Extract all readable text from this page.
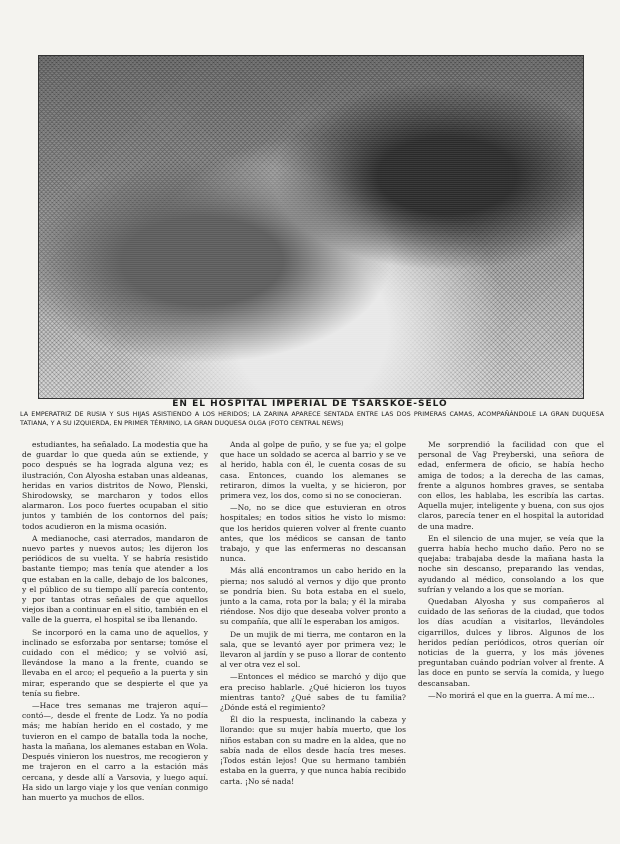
EN EL HOSPITAL IMPERIAL DE TSARSKOE-SELO
LA EMPERATRIZ DE RUSIA Y SUS HIJAS ASISTIENDO A LOS HERIDOS; LA ZARINA APARECE SENTADA ENTRE LAS DOS PRIMERAS CAMAS, ACOMPAÑÁNDOLE LA GRAN DUQUESA TATIANA, Y A SU IZQUIERDA, EN PRIMER TÉRMINO, LA GRAN DUQUESA OLGA (FOTO CENTRAL NEWS)

estudiantes, ha señalado. La modestia que ha de guardar lo que queda aún se extiende, y poco después se ha lograda alguna vez; es ilustración, Con Alyosha estaban unas aldeanas, heridas en varios distritos de Nowo, Plenski, Shirodowsky, se marcharon y todos ellos alarmaron. Los poco fuertes ocupaban el sitio juntos y también de los contornos del país; todos acudieron en la misma ocasión.

A medianoche, casi aterrados, mandaron de nuevo partes y nuevos autos; les dijeron los periódicos de su vuelta. Y se habría resistido bastante tiempo; mas tenía que atender a los que estaban en la calle, debajo de los balcones, y el público de su tiempo allí parecía contento, y por tantas otras señales de que aquellos viejos iban a continuar en el sitio, también en el valle de la guerra, el hospital se iba llenando.

Se incorporó en la cama uno de aquellos, y inclinado se esforzaba por sentarse; tomóse el cuidado con el médico; y se volvió así, llevándose la mano a la frente, cuando se llevaba en el arco; el pequeño a la puerta y sin mirar, esperando que se despierte el que ya tenía su fiebre.

—Hace tres semanas me trajeron aquí—contó—, desde el frente de Lodz. Ya no podía más; me habían herido en el costado, y me tuvieron en el campo de batalla toda la noche, hasta la mañana, los alemanes estaban en Wola. Después vinieron los nuestros, me recogieron y me trajeron en el carro a la estación más cercana, y desde allí a Varsovia, y luego aquí. Ha sido un largo viaje y los que venían conmigo han muerto ya muchos de ellos.

Anda al golpe de puño, y se fue ya; el golpe que hace un soldado se acerca al barrio y se ve al herido, habla con él, le cuenta cosas de su casa. Entonces, cuando los alemanes se retiraron, dimos la vuelta, y se hicieron, por primera vez, los dos, como si no se conocieran.

—No, no se dice que estuvieran en otros hospitales; en todos sitios he visto lo mismo: que los heridos quieren volver al frente cuanto antes, que los médicos se cansan de tanto trabajo, y que las enfermeras no descansan nunca.

Más allá encontramos un cabo herido en la pierna; nos saludó al vernos y dijo que pronto se pondría bien. Su bota estaba en el suelo, junto a la cama, rota por la bala; y él la miraba riéndose. Nos dijo que deseaba volver pronto a su compañía, que allí le esperaban los amigos.

De un mujik de mi tierra, me contaron en la sala, que se levantó ayer por primera vez; le llevaron al jardín y se puso a llorar de contento al ver otra vez el sol.

—Entonces el médico se marchó y dijo que era preciso hablarle. ¿Qué hicieron los tuyos mientras tanto? ¿Qué sabes de tu familia? ¿Dónde está el regimiento?

Él dio la respuesta, inclinando la cabeza y llorando: que su mujer había muerto, que los niños estaban con su madre en la aldea, que no sabía nada de ellos desde hacía tres meses. ¡Todos están lejos! Que su hermano también estaba en la guerra, y que nunca había recibido carta. ¡No sé nada!

Me sorprendió la facilidad con que el personal de Vag Preyberski, una señora de edad, enfermera de oficio, se había hecho amiga de todos; a la derecha de las camas, frente a algunos hombres graves, se sentaba con ellos, les hablaba, les escribía las cartas. Aquella mujer, inteligente y buena, con sus ojos claros, parecía tener en el hospital la autoridad de una madre.

En el silencio de una mujer, se veía que la guerra había hecho mucho daño. Pero no se quejaba: trabajaba desde la mañana hasta la noche sin descanso, preparando las vendas, ayudando al médico, consolando a los que sufrían y velando a los que se morían.

Quedaban Alyosha y sus compañeros al cuidado de las señoras de la ciudad, que todos los días acudían a visitarlos, llevándoles cigarrillos, dulces y libros. Algunos de los heridos pedían periódicos, otros querían oír noticias de la guerra, y los más jóvenes preguntaban cuándo podrían volver al frente. A las doce en punto se servía la comida, y luego descansaban.

—No morirá el que en la guerra. A mí me...
